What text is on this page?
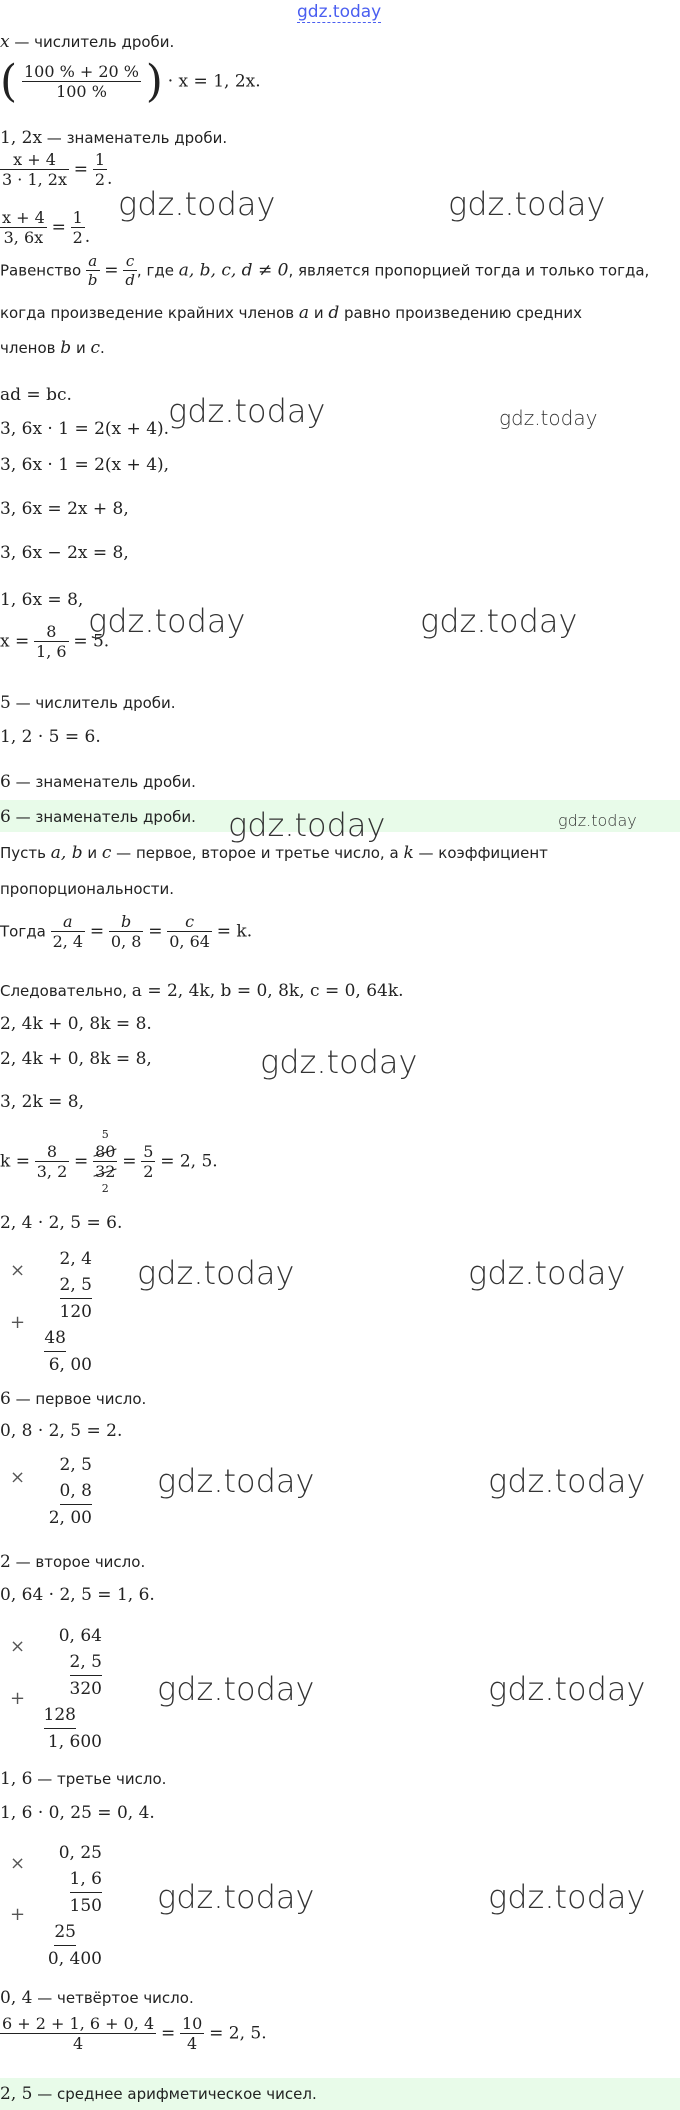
gdz.today
x — числитель дроби.
( $\frac{100 \% + 20 \%}{100 \%}$ ) · x = 1, 2x.
1, 2x — знаменатель дроби.
$\frac{x + 4}{3 \cdot 1, 2x} = \frac{1}{2}$ .
$\frac{x + 4}{3, 6x} = \frac{1}{2}$ .
Равенство $\frac{a}{b} = \frac{c}{d}$ , где a, b, c, d ≠ 0, является пропорцией тогда и только тогда,
когда произведение крайних членов a и d равно произведению средних
членов b и c.
ad = bc.
3, 6x · 1 = 2(x + 4).
3, 6x · 1 = 2(x + 4),
3, 6x = 2x + 8,
3, 6x − 2x = 8,
1, 6x = 8,
$x = \frac{8}{1, 6} = 5$.
5 — числитель дроби.
1, 2 · 5 = 6.
6 — знаменатель дроби.
6 — знаменатель дроби.
Пусть a, b и c — первое, второе и третье число, а k — коэффициент
пропорциональности.
Тогда $\frac{a}{2, 4} = \frac{b}{0, 8} = \frac{c}{0, 64} = k$.
Следовательно, a = 2, 4k, b = 0, 8k, c = 0, 64k.
2, 4k + 0, 8k = 8.
2, 4k + 0, 8k = 8,
3, 2k = 8,
$k = \frac{8}{3, 2}$ =
5
80
32
2
= $\frac{5}{2} = 2$, 5.
2, 4 · 2, 5 = 6.
×
+
2, 4
2, 5
120
48
6, 00
6 — первое число.
0, 8 · 2, 5 = 2.
×
2, 5
0, 8
2, 00
2 — второе число.
0, 64 · 2, 5 = 1, 6.
×
+
0, 64
2, 5
320
128
1, 600
1, 6 — третье число.
1, 6 · 0, 25 = 0, 4.
×
+
0, 25
1, 6
150
25
0, 400
0, 4 — четвёртое число.
$\frac{6 + 2 + 1, 6 + 0, 4}{4} = \frac{10}{4} = 2$, 5.
2, 5 — среднее арифметическое чисел.
gdz.today	gdz.today
gdz.today	gdz.today
gdz.today	gdz.today
gdz.today	gdz.today
gdz.today
gdz.today	gdz.today
gdz.today	gdz.today
gdz.today	gdz.today
gdz.today	gdz.today
